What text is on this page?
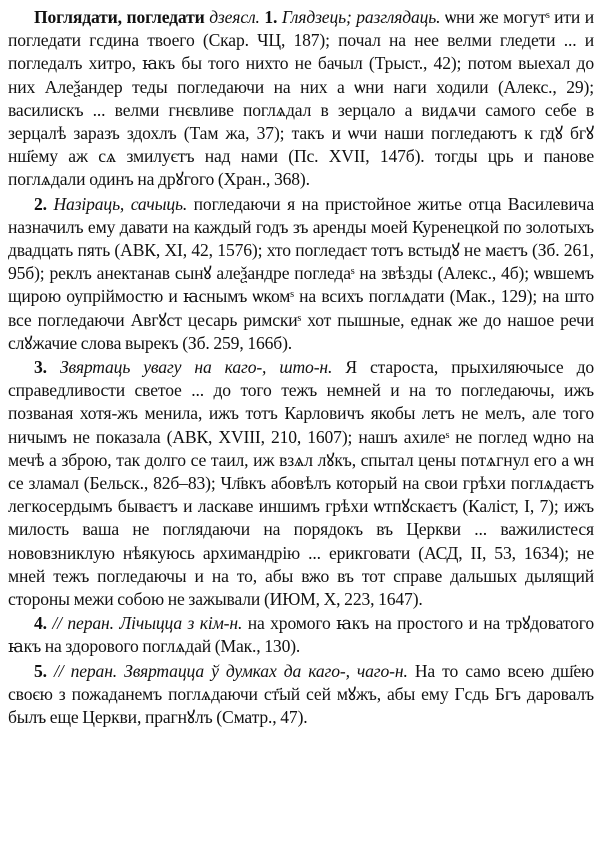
Поглядати, погледати дзеясл. 1. Глядзець; разглядаць. ѡни же могутˢ ити и погледати гсдина твоего (Скар. ЧЦ, 187); почал на нее велми гледети ... и погледалъ хитро, ꙗкъ бы того нихто не бачыл (Трыст., 42); потом выехал до них Алеѯандер теды погледаючи на них а ѡни наги ходили (Алекс., 29); василискъ ... велми гнєвливе поглѧдал в зерцало а видѧчи самого себе в зерцалѣ заразъ здохлъ (Там жа, 37); такъ и ѡчи наши погледаютъ к гдꙋ бгꙋ нш҃ему аж сѧ змилуєтъ над нами (Пс. XVII, 147б). тогды црь и панове поглѧдали одинъ на дрꙋгого (Хран., 368).

2. Назіраць, сачыць. погледаючи я на пристойное житье отца Василевича назначилъ ему давати на каждый годъ зъ аренды моей Куренецкой по золотыхъ двадцать пять (АВК, XI, 42, 1576); хто погледаєт тотъ встыдꙋ не маєтъ (Зб. 261, 95б); реклъ анектанав сынꙋ алеѯандре погледаˢ на звѣзды (Алекс., 4б); ѡвшемъ щирою оупріймостю и ꙗснымъ ѡкомˢ на всихъ поглѧдати (Мак., 129); на што все погледаючи Авгꙋст цесарь римскиˢ хот пышные, еднак же до нашое речи слꙋжачие слова вырекъ (Зб. 259, 166б).

3. Звяртаць увагу на каго-, што-н. Я староста, прыхиляючысе до справедливости светое ... до того тежъ немней и на то погледаючы, ижъ позваная хотя-жъ менила, ижъ тотъ Карловичъ якобы летъ не мелъ, але того ничымъ не показала (АВК, XVIII, 210, 1607); нашъ ахилеˢ не поглед ѡдно на мечѣ а зброю, так долго се таил, иж взѧл лꙋкъ, спытал цены потѧгнул его а ѡн се зламал (Бельск., 82б–83); Чл҃вкъ абовѣлъ который на свои грѣхи поглѧдаєтъ легкосердымъ бываєтъ и ласкаве иншимъ грѣхи ѡтпꙋскаєтъ (Каліст, I, 7); ижъ милость ваша не поглядаючи на порядокъ въ Церкви ... важилистеся нововзниклую нѣякуюсь архимандрію ... ерикговати (АСД, II, 53, 1634); не мней тежъ погледаючы и на то, абы вжо въ тот справе дальшых дылящий стороны межи собою не зажывали (ИЮМ, X, 223, 1647).

4. // перан. Лічыцца з кім-н. на хромого ꙗкъ на простого и на трꙋдоватого ꙗкъ на здорового поглѧдай (Мак., 130).

5. // перан. Звяртацца ў думках да каго-, чаго-н. На то само всею дш҃ею своєю з пожаданемъ поглѧдаючи ст҃ый сей мꙋжъ, абы ему Гсдь Бгъ даровалъ былъ еще Церкви, прагнꙋлъ (Сматр., 47).
